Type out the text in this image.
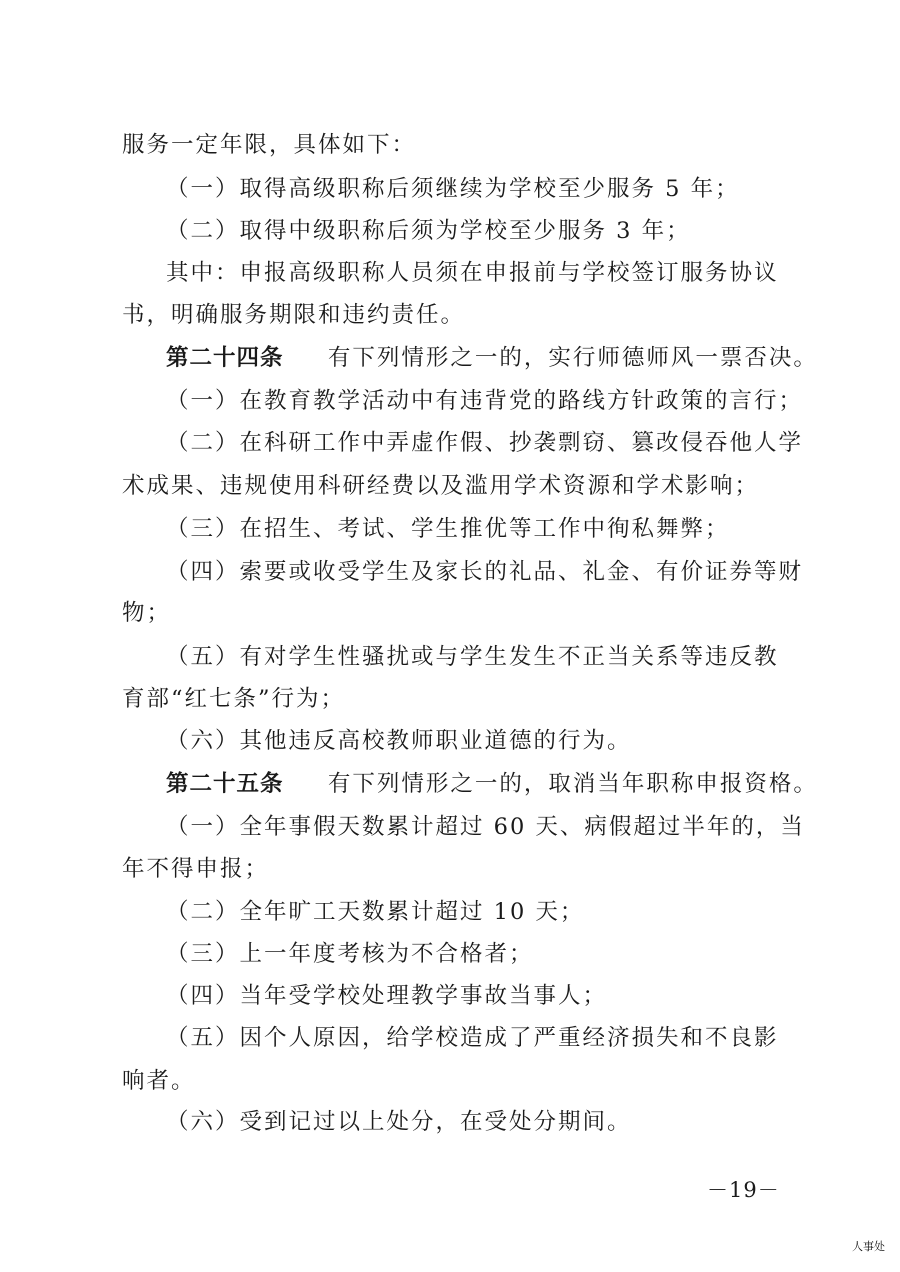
服务一定年限，具体如下：
（一）取得高级职称后须继续为学校至少服务 5 年；
（二）取得中级职称后须为学校至少服务 3 年；
其中：申报高级职称人员须在申报前与学校签订服务协议
书，明确服务期限和违约责任。
第二十四条 有下列情形之一的，实行师德师风一票否决。
（一）在教育教学活动中有违背党的路线方针政策的言行；
（二）在科研工作中弄虚作假、抄袭剽窃、篡改侵吞他人学
术成果、违规使用科研经费以及滥用学术资源和学术影响；
（三）在招生、考试、学生推优等工作中徇私舞弊；
（四）索要或收受学生及家长的礼品、礼金、有价证券等财
物；
（五）有对学生性骚扰或与学生发生不正当关系等违反教
育部“红七条”行为；
（六）其他违反高校教师职业道德的行为。
第二十五条 有下列情形之一的，取消当年职称申报资格。
（一）全年事假天数累计超过 60 天、病假超过半年的，当
年不得申报；
（二）全年旷工天数累计超过 10 天；
（三）上一年度考核为不合格者；
（四）当年受学校处理教学事故当事人；
（五）因个人原因，给学校造成了严重经济损失和不良影
响者。
（六）受到记过以上处分，在受处分期间。
－19－
人事处
